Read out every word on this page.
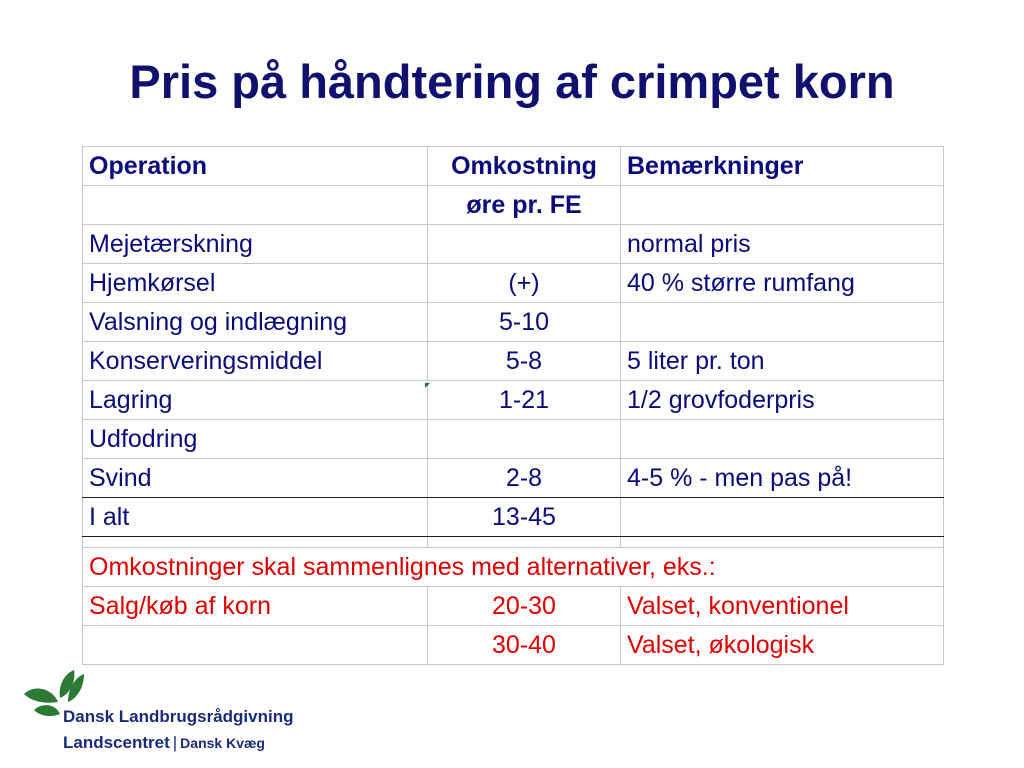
Pris på håndtering af crimpet korn
Operation	Omkostning	Bemærkninger
	øre pr. FE	
Mejetærskning		normal pris
Hjemkørsel	(+)	40 % større rumfang
Valsning og indlægning	5-10	
Konserveringsmiddel	5-8	5 liter pr. ton
Lagring	1-21	1/2 grovfoderpris
Udfodring		
Svind	2-8	4-5 % - men pas på!
I alt	13-45	

Omkostninger skal sammenlignes med alternativer, eks.:		
Salg/køb af korn	20-30	Valset, konventionel
	30-40	Valset, økologisk
Dansk Landbrugsrådgivning
Landscentret | Dansk Kvæg
